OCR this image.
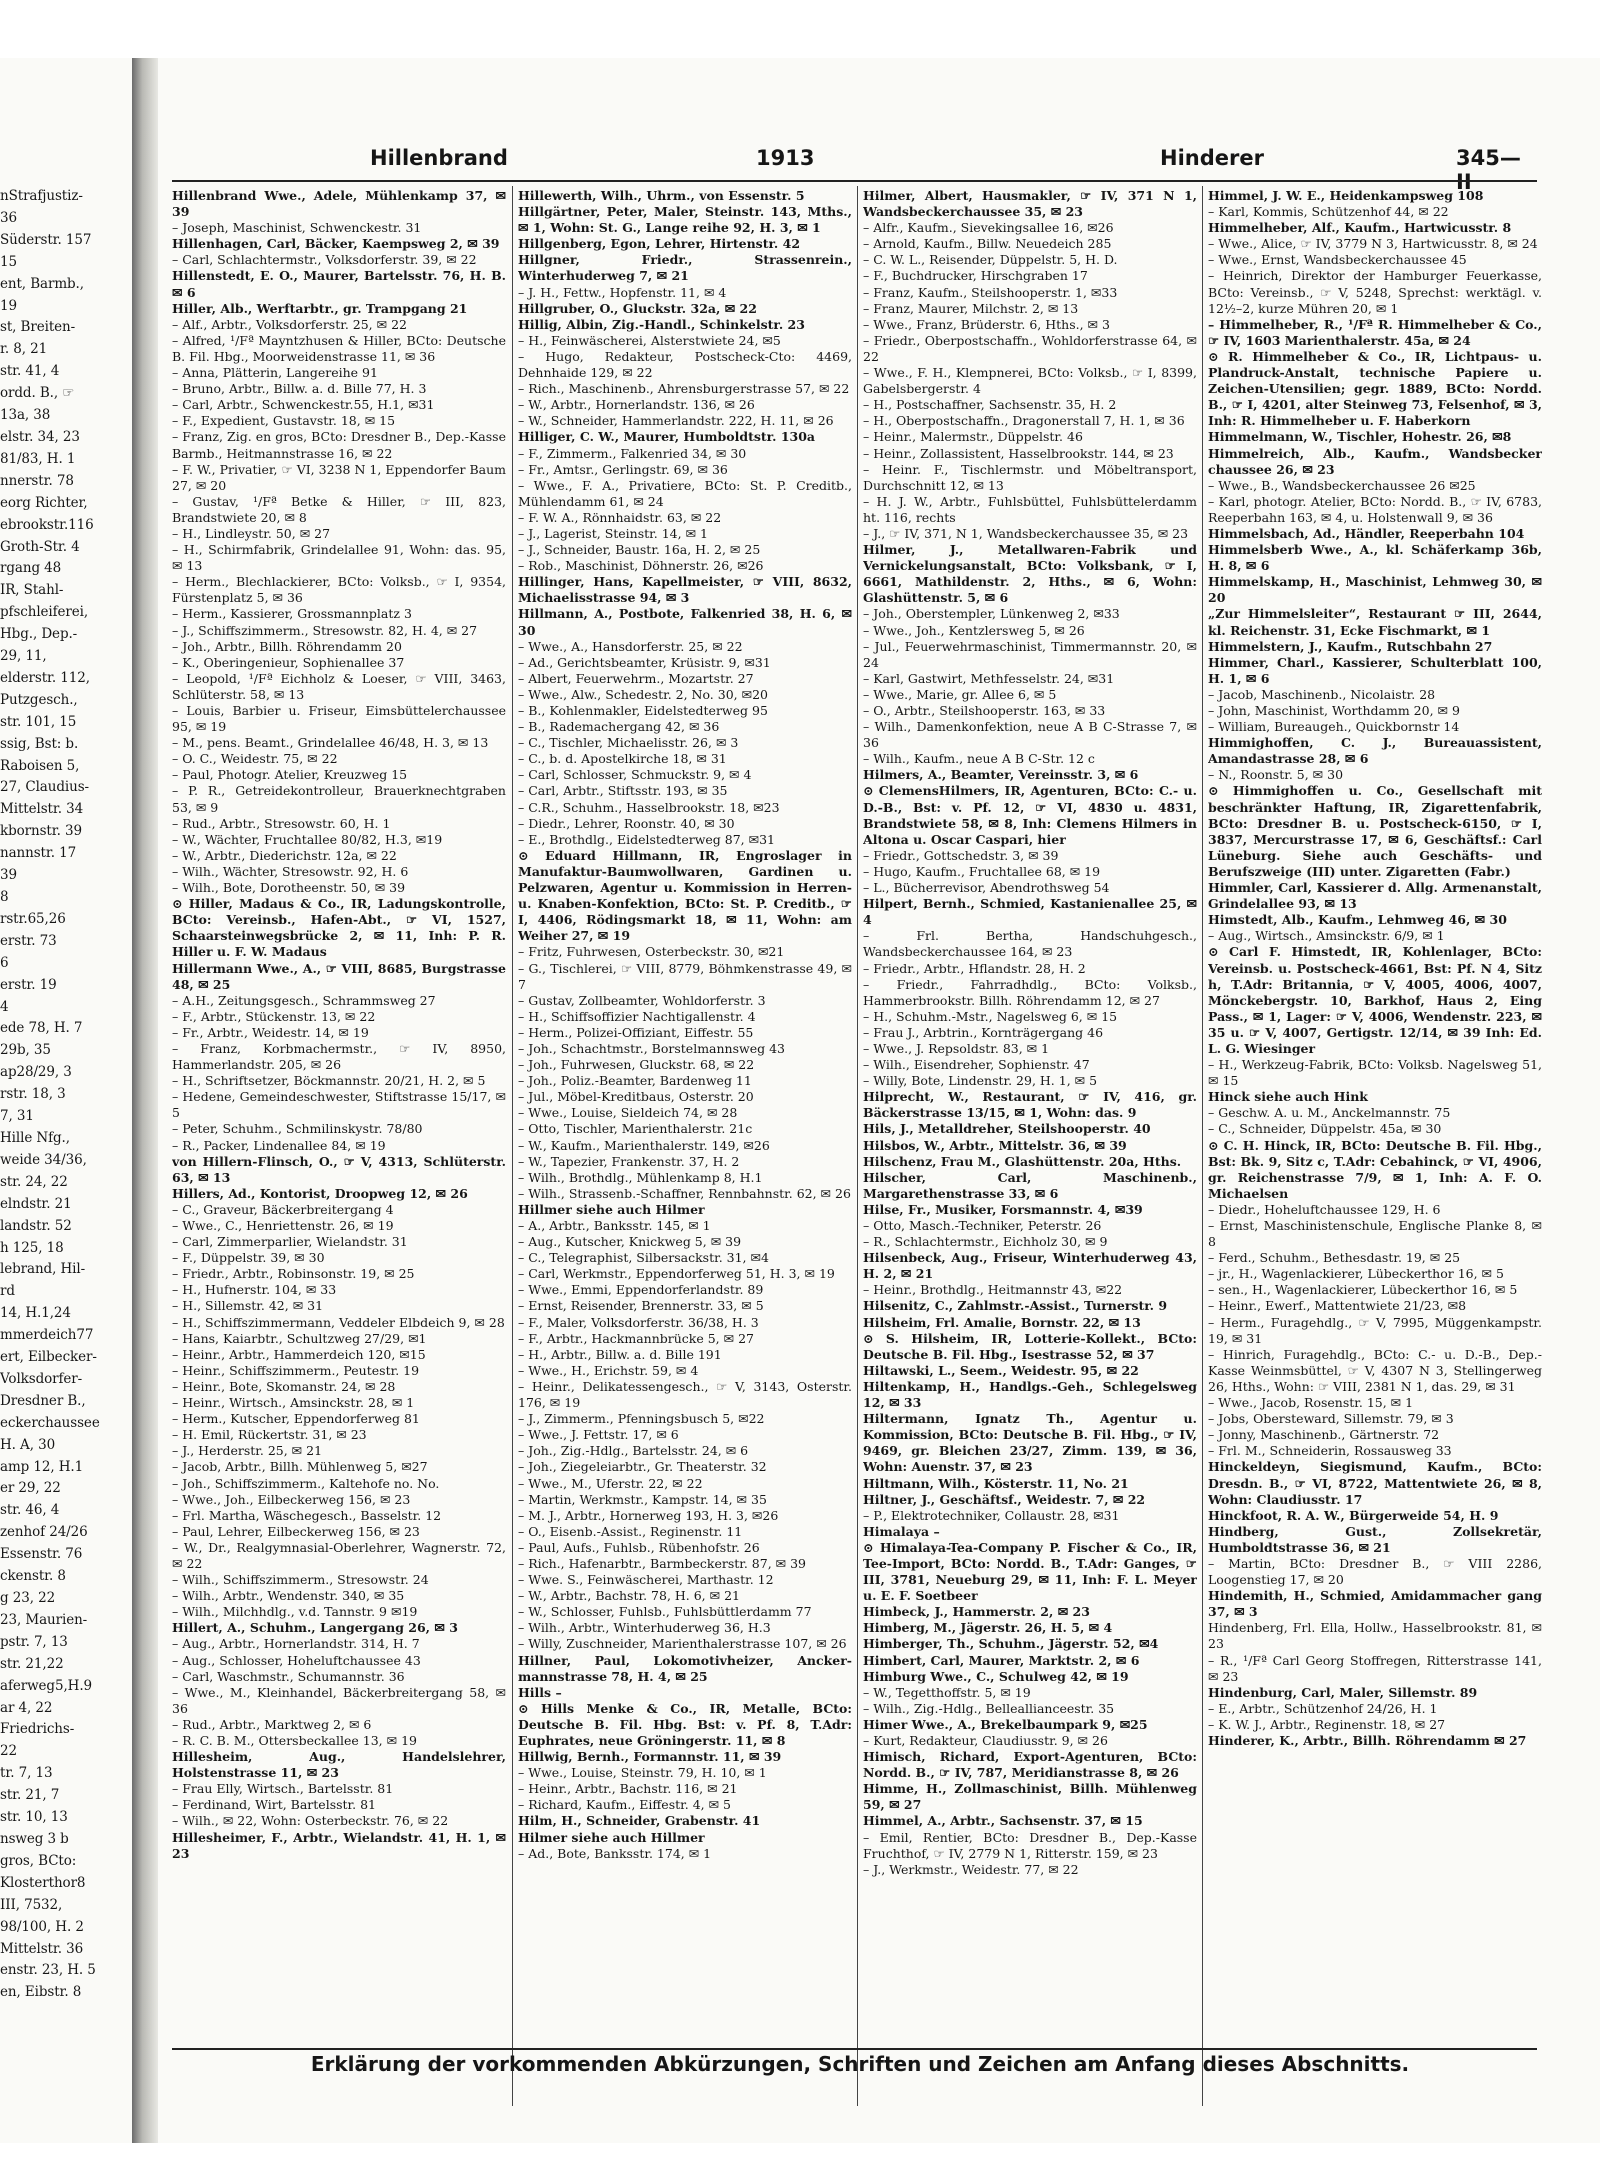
nStrafjustiz-
36
Süderstr. 157
15
ent, Barmb.,
19
st, Breiten-
r. 8, 21
str. 41, 4
ordd. B., ☞
13a, 38
elstr. 34, 23
81/83, H. 1
nnerstr. 78
eorg Richter,
ebrookstr.116
Groth-Str. 4
rgang 48
IR, Stahl-
pfschleiferei,
Hbg., Dep.-
29, 11,
elderstr. 112,
Putzgesch.,
str. 101, 15
ssig, Bst: b.
Raboisen 5,
27, Claudius-
Mittelstr. 34
kbornstr. 39
nannstr. 17
39
8
rstr.65,26
erstr. 73
6
erstr. 19
4
ede 78, H. 7
29b, 35
ap28/29, 3
rstr. 18, 3
7, 31
Hille Nfg.,
weide 34/36,
str. 24, 22
elndstr. 21
landstr. 52
h 125, 18
lebrand, Hil-
rd
14, H.1,24
mmerdeich77
ert, Eilbecker-
Volksdorfer-
Dresdner B.,
eckerchaussee
H. A, 30
amp 12, H.1
er 29, 22
str. 46, 4
zenhof 24/26
Essenstr. 76
ckenstr. 8
g 23, 22
23, Maurien-
pstr. 7, 13
str. 21,22
aferweg5,H.9
ar 4, 22
Friedrichs-
22
tr. 7, 13
str. 21, 7
str. 10, 13
nsweg 3 b
gros, BCto:
Klosterthor8
III, 7532,
98/100, H. 2
Mittelstr. 36
enstr. 23, H. 5
en, Eibstr. 8
Hillenbrand	1913	Hinderer	345—II
Hillenbrand Wwe., Adele, Mühlenkamp 37, ✉ 39
– Joseph, Maschinist, Schwenckestr. 31
Hillenhagen, Carl, Bäcker, Kaempsweg 2, ✉ 39
– Carl, Schlachtermstr., Volksdorferstr. 39, ✉ 22
Hillenstedt, E. O., Maurer, Bartelsstr. 76, H. B. ✉ 6
Hiller, Alb., Werftarbtr., gr. Trampgang 21
– Alf., Arbtr., Volksdorferstr. 25, ✉ 22
– Alfred, ¹/Fª Mayntzhusen & Hiller, BCto: Deutsche B. Fil. Hbg., Moorweidenstrasse 11, ✉ 36
– Anna, Plätterin, Langereihe 91
– Bruno, Arbtr., Billw. a. d. Bille 77, H. 3
– Carl, Arbtr., Schwenckestr.55, H.1, ✉31
– F., Expedient, Gustavstr. 18, ✉ 15
– Franz, Zig. en gros, BCto: Dresdner B., Dep.-Kasse Barmb., Heitmannstrasse 16, ✉ 22
– F. W., Privatier, ☞ VI, 3238 N 1, Eppendorfer Baum 27, ✉ 20
– Gustav, ¹/Fª Betke & Hiller, ☞ III, 823, Brandstwiete 20, ✉ 8
– H., Lindleystr. 50, ✉ 27
– H., Schirmfabrik, Grindelallee 91, Wohn: das. 95, ✉ 13
– Herm., Blechlackierer, BCto: Volksb., ☞ I, 9354, Fürstenplatz 5, ✉ 36
– Herm., Kassierer, Grossmannplatz 3
– J., Schiffszimmerm., Stresowstr. 82, H. 4, ✉ 27
– Joh., Arbtr., Billh. Röhrendamm 20
– K., Oberingenieur, Sophienallee 37
– Leopold, ¹/Fª Eichholz & Loeser, ☞ VIII, 3463, Schlüterstr. 58, ✉ 13
– Louis, Barbier u. Friseur, Eimsbüttelerchaussee 95, ✉ 19
– M., pens. Beamt., Grindelallee 46/48, H. 3, ✉ 13
– O. C., Weidestr. 75, ✉ 22
– Paul, Photogr. Atelier, Kreuzweg 15
– P. R., Getreidekontrolleur, Brauerknechtgraben 53, ✉ 9
– Rud., Arbtr., Stresowstr. 60, H. 1
– W., Wächter, Fruchtallee 80/82, H.3, ✉19
– W., Arbtr., Diederichstr. 12a, ✉ 22
– Wilh., Wächter, Stresowstr. 92, H. 6
– Wilh., Bote, Dorotheenstr. 50, ✉ 39
⊙ Hiller, Madaus & Co., IR, Ladungskontrolle, BCto: Vereinsb., Hafen-Abt., ☞ VI, 1527, Schaarsteinwegsbrücke 2, ✉ 11, Inh: P. R. Hiller u. F. W. Madaus
Hillermann Wwe., A., ☞ VIII, 8685, Burgstrasse 48, ✉ 25
– A.H., Zeitungsgesch., Schrammsweg 27
– F., Arbtr., Stückenstr. 13, ✉ 22
– Fr., Arbtr., Weidestr. 14, ✉ 19
– Franz, Korbmachermstr., ☞ IV, 8950, Hammerlandstr. 205, ✉ 26
– H., Schriftsetzer, Böckmannstr. 20/21, H. 2, ✉ 5
– Hedene, Gemeindeschwester, Stiftstrasse 15/17, ✉ 5
– Peter, Schuhm., Schmilinskystr. 78/80
– R., Packer, Lindenallee 84, ✉ 19
von Hillern-Flinsch, O., ☞ V, 4313, Schlüterstr. 63, ✉ 13
Hillers, Ad., Kontorist, Droopweg 12, ✉ 26
– C., Graveur, Bäckerbreitergang 4
– Wwe., C., Henriettenstr. 26, ✉ 19
– Carl, Zimmerparlier, Wielandstr. 31
– F., Düppelstr. 39, ✉ 30
– Friedr., Arbtr., Robinsonstr. 19, ✉ 25
– H., Hufnerstr. 104, ✉ 33
– H., Sillemstr. 42, ✉ 31
– H., Schiffszimmermann, Veddeler Elbdeich 9, ✉ 28
– Hans, Kaiarbtr., Schultzweg 27/29, ✉1
– Heinr., Arbtr., Hammerdeich 120, ✉15
– Heinr., Schiffszimmerm., Peutestr. 19
– Heinr., Bote, Skomanstr. 24, ✉ 28
– Heinr., Wirtsch., Amsinckstr. 28, ✉ 1
– Herm., Kutscher, Eppendorferweg 81
– H. Emil, Rückertstr. 31, ✉ 23
– J., Herderstr. 25, ✉ 21
– Jacob, Arbtr., Billh. Mühlenweg 5, ✉27
– Joh., Schiffszimmerm., Kaltehofe no. No.
– Wwe., Joh., Eilbeckerweg 156, ✉ 23
– Frl. Martha, Wäschegesch., Basselstr. 12
– Paul, Lehrer, Eilbeckerweg 156, ✉ 23
– W., Dr., Realgymnasial-Oberlehrer, Wagnerstr. 72, ✉ 22
– Wilh., Schiffszimmerm., Stresowstr. 24
– Wilh., Arbtr., Wendenstr. 340, ✉ 35
– Wilh., Milchhdlg., v.d. Tannstr. 9 ✉19
Hillert, A., Schuhm., Langergang 26, ✉ 3
– Aug., Arbtr., Hornerlandstr. 314, H. 7
– Aug., Schlosser, Hoheluftchaussee 43
– Carl, Waschmstr., Schumannstr. 36
– Wwe., M., Kleinhandel, Bäckerbreitergang 58, ✉ 36
– Rud., Arbtr., Marktweg 2, ✉ 6
– R. C. B. M., Ottersbeckallee 13, ✉ 19
Hillesheim, Aug., Handelslehrer, Holstenstrasse 11, ✉ 23
– Frau Elly, Wirtsch., Bartelsstr. 81
– Ferdinand, Wirt, Bartelsstr. 81
– Wilh., ✉ 22, Wohn: Osterbeckstr. 76, ✉ 22
Hillesheimer, F., Arbtr., Wielandstr. 41, H. 1, ✉ 23
Hillewerth, Wilh., Uhrm., von Essenstr. 5
Hillgärtner, Peter, Maler, Steinstr. 143, Mths., ✉ 1, Wohn: St. G., Lange reihe 92, H. 3, ✉ 1
Hillgenberg, Egon, Lehrer, Hirtenstr. 42
Hillgner, Friedr., Strassenrein., Winterhuderweg 7, ✉ 21
– J. H., Fettw., Hopfenstr. 11, ✉ 4
Hillgruber, O., Gluckstr. 32a, ✉ 22
Hillig, Albin, Zig.-Handl., Schinkelstr. 23
– H., Feinwäscherei, Alsterstwiete 24, ✉5
– Hugo, Redakteur, Postscheck-Cto: 4469, Dehnhaide 129, ✉ 22
– Rich., Maschinenb., Ahrensburgerstrasse 57, ✉ 22
– W., Arbtr., Hornerlandstr. 136, ✉ 26
– W., Schneider, Hammerlandstr. 222, H. 11, ✉ 26
Hilliger, C. W., Maurer, Humboldtstr. 130a
– F., Zimmerm., Falkenried 34, ✉ 30
– Fr., Amtsr., Gerlingstr. 69, ✉ 36
– Wwe., F. A., Privatiere, BCto: St. P. Creditb., Mühlendamm 61, ✉ 24
– F. W. A., Rönnhaidstr. 63, ✉ 22
– J., Lagerist, Steinstr. 14, ✉ 1
– J., Schneider, Baustr. 16a, H. 2, ✉ 25
– Rob., Maschinist, Döhnerstr. 26, ✉26
Hillinger, Hans, Kapellmeister, ☞ VIII, 8632, Michaelisstrasse 94, ✉ 3
Hillmann, A., Postbote, Falkenried 38, H. 6, ✉ 30
– Wwe., A., Hansdorferstr. 25, ✉ 22
– Ad., Gerichtsbeamter, Krüsistr. 9, ✉31
– Albert, Feuerwehrm., Mozartstr. 27
– Wwe., Alw., Schedestr. 2, No. 30, ✉20
– B., Kohlenmakler, Eidelstedterweg 95
– B., Rademachergang 42, ✉ 36
– C., Tischler, Michaelisstr. 26, ✉ 3
– C., b. d. Apostelkirche 18, ✉ 31
– Carl, Schlosser, Schmuckstr. 9, ✉ 4
– Carl, Arbtr., Stiftsstr. 193, ✉ 35
– C.R., Schuhm., Hasselbrookstr. 18, ✉23
– Diedr., Lehrer, Roonstr. 40, ✉ 30
– E., Brothdlg., Eidelstedterweg 87, ✉31
⊙ Eduard Hillmann, IR, Engroslager in Manufaktur-Baumwollwaren, Gardinen u. Pelzwaren, Agentur u. Kommission in Herren- u. Knaben-Konfektion, BCto: St. P. Creditb., ☞ I, 4406, Rödingsmarkt 18, ✉ 11, Wohn: am Weiher 27, ✉ 19
– Fritz, Fuhrwesen, Osterbeckstr. 30, ✉21
– G., Tischlerei, ☞ VIII, 8779, Böhmkenstrasse 49, ✉ 7
– Gustav, Zollbeamter, Wohldorferstr. 3
– H., Schiffsoffizier Nachtigallenstr. 4
– Herm., Polizei-Offiziant, Eiffestr. 55
– Joh., Schachtmstr., Borstelmannsweg 43
– Joh., Fuhrwesen, Gluckstr. 68, ✉ 22
– Joh., Poliz.-Beamter, Bardenweg 11
– Jul., Möbel-Kreditbaus, Osterstr. 20
– Wwe., Louise, Sieldeich 74, ✉ 28
– Otto, Tischler, Marienthalerstr. 21c
– W., Kaufm., Marienthalerstr. 149, ✉26
– W., Tapezier, Frankenstr. 37, H. 2
– Wilh., Brothdlg., Mühlenkamp 8, H.1
– Wilh., Strassenb.-Schaffner, Rennbahnstr. 62, ✉ 26
Hillmer siehe auch Hilmer
– A., Arbtr., Banksstr. 145, ✉ 1
– Aug., Kutscher, Knickweg 5, ✉ 39
– C., Telegraphist, Silbersackstr. 31, ✉4
– Carl, Werkmstr., Eppendorferweg 51, H. 3, ✉ 19
– Wwe., Emmi, Eppendorferlandstr. 89
– Ernst, Reisender, Brennerstr. 33, ✉ 5
– F., Maler, Volksdorferstr. 36/38, H. 3
– F., Arbtr., Hackmannbrücke 5, ✉ 27
– H., Arbtr., Billw. a. d. Bille 191
– Wwe., H., Erichstr. 59, ✉ 4
– Heinr., Delikatessengesch., ☞ V, 3143, Osterstr. 176, ✉ 19
– J., Zimmerm., Pfenningsbusch 5, ✉22
– Wwe., J. Fettstr. 17, ✉ 6
– Joh., Zig.-Hdlg., Bartelsstr. 24, ✉ 6
– Joh., Ziegeleiarbtr., Gr. Theaterstr. 32
– Wwe., M., Uferstr. 22, ✉ 22
– Martin, Werkmstr., Kampstr. 14, ✉ 35
– M. J., Arbtr., Hornerweg 193, H. 3, ✉26
– O., Eisenb.-Assist., Reginenstr. 11
– Paul, Aufs., Fuhlsb., Rübenhofstr. 26
– Rich., Hafenarbtr., Barmbeckerstr. 87, ✉ 39
– Wwe. S., Feinwäscherei, Marthastr. 12
– W., Arbtr., Bachstr. 78, H. 6, ✉ 21
– W., Schlosser, Fuhlsb., Fuhlsbüttlerdamm 77
– Wilh., Arbtr., Winterhuderweg 36, H.3
– Willy, Zuschneider, Marienthalerstrasse 107, ✉ 26
Hillner, Paul, Lokomotivheizer, Anckermannstrasse 78, H. 4, ✉ 25
Hills –
⊙ Hills Menke & Co., IR, Metalle, BCto: Deutsche B. Fil. Hbg. Bst: v. Pf. 8, T.Adr: Euphrates, neue Gröningerstr. 11, ✉ 8
Hillwig, Bernh., Formannstr. 11, ✉ 39
– Wwe., Louise, Steinstr. 79, H. 10, ✉ 1
– Heinr., Arbtr., Bachstr. 116, ✉ 21
– Richard, Kaufm., Eiffestr. 4, ✉ 5
Hilm, H., Schneider, Grabenstr. 41
Hilmer siehe auch Hillmer
– Ad., Bote, Banksstr. 174, ✉ 1
Hilmer, Albert, Hausmakler, ☞ IV, 371 N 1, Wandsbeckerchaussee 35, ✉ 23
– Alfr., Kaufm., Sievekingsallee 16, ✉26
– Arnold, Kaufm., Billw. Neuedeich 285
– C. W. L., Reisender, Düppelstr. 5, H. D.
– F., Buchdrucker, Hirschgraben 17
– Franz, Kaufm., Steilshooperstr. 1, ✉33
– Franz, Maurer, Milchstr. 2, ✉ 13
– Wwe., Franz, Brüderstr. 6, Hths., ✉ 3
– Friedr., Oberpostschaffn., Wohldorferstrasse 64, ✉ 22
– Wwe., F. H., Klempnerei, BCto: Volksb., ☞ I, 8399, Gabelsbergerstr. 4
– H., Postschaffner, Sachsenstr. 35, H. 2
– H., Oberpostschaffn., Dragonerstall 7, H. 1, ✉ 36
– Heinr., Malermstr., Düppelstr. 46
– Heinr., Zollassistent, Hasselbrookstr. 144, ✉ 23
– Heinr. F., Tischlermstr. und Möbeltransport, Durchschnitt 12, ✉ 13
– H. J. W., Arbtr., Fuhlsbüttel, Fuhlsbüttelerdamm ht. 116, rechts
– J., ☞ IV, 371, N 1, Wandsbeckerchaussee 35, ✉ 23
Hilmer, J., Metallwaren-Fabrik und Vernickelungsanstalt, BCto: Volksbank, ☞ I, 6661, Mathildenstr. 2, Hths., ✉ 6, Wohn: Glashüttenstr. 5, ✉ 6
– Joh., Oberstempler, Lünkenweg 2, ✉33
– Wwe., Joh., Kentzlersweg 5, ✉ 26
– Jul., Feuerwehrmaschinist, Timmermannstr. 20, ✉ 24
– Karl, Gastwirt, Methfesselstr. 24, ✉31
– Wwe., Marie, gr. Allee 6, ✉ 5
– O., Arbtr., Steilshooperstr. 163, ✉ 33
– Wilh., Damenkonfektion, neue A B C-Strasse 7, ✉ 36
– Wilh., Kaufm., neue A B C-Str. 12 c
Hilmers, A., Beamter, Vereinsstr. 3, ✉ 6
⊙ ClemensHilmers, IR, Agenturen, BCto: C.- u. D.-B., Bst: v. Pf. 12, ☞ VI, 4830 u. 4831, Brandstwiete 58, ✉ 8, Inh: Clemens Hilmers in Altona u. Oscar Caspari, hier
– Friedr., Gottschedstr. 3, ✉ 39
– Hugo, Kaufm., Fruchtallee 68, ✉ 19
– L., Bücherrevisor, Abendrothsweg 54
Hilpert, Bernh., Schmied, Kastanienallee 25, ✉ 4
– Frl. Bertha, Handschuhgesch., Wandsbeckerchaussee 164, ✉ 23
– Friedr., Arbtr., Hflandstr. 28, H. 2
– Friedr., Fahrradhdlg., BCto: Volksb., Hammerbrookstr. Billh. Röhrendamm 12, ✉ 27
– H., Schuhm.-Mstr., Nagelsweg 6, ✉ 15
– Frau J., Arbtrin., Kornträgergang 46
– Wwe., J. Repsoldstr. 83, ✉ 1
– Wilh., Eisendreher, Sophienstr. 47
– Willy, Bote, Lindenstr. 29, H. 1, ✉ 5
Hilprecht, W., Restaurant, ☞ IV, 416, gr. Bäckerstrasse 13/15, ✉ 1, Wohn: das. 9
Hils, J., Metalldreher, Steilshooperstr. 40
Hilsbos, W., Arbtr., Mittelstr. 36, ✉ 39
Hilschenz, Frau M., Glashüttenstr. 20a, Hths.
Hilscher, Carl, Maschinenb., Margarethenstrasse 33, ✉ 6
Hilse, Fr., Musiker, Forsmannstr. 4, ✉39
– Otto, Masch.-Techniker, Peterstr. 26
– R., Schlachtermstr., Eichholz 30, ✉ 9
Hilsenbeck, Aug., Friseur, Winterhuderweg 43, H. 2, ✉ 21
– Heinr., Brothdlg., Heitmannstr 43, ✉22
Hilsenitz, C., Zahlmstr.-Assist., Turnerstr. 9
Hilsheim, Frl. Amalie, Bornstr. 22, ✉ 13
⊙ S. Hilsheim, IR, Lotterie-Kollekt., BCto: Deutsche B. Fil. Hbg., Isestrasse 52, ✉ 37
Hiltawski, L., Seem., Weidestr. 95, ✉ 22
Hiltenkamp, H., Handlgs.-Geh., Schlegelsweg 12, ✉ 33
Hiltermann, Ignatz Th., Agentur u. Kommission, BCto: Deutsche B. Fil. Hbg., ☞ IV, 9469, gr. Bleichen 23/27, Zimm. 139, ✉ 36, Wohn: Auenstr. 37, ✉ 23
Hiltmann, Wilh., Kösterstr. 11, No. 21
Hiltner, J., Geschäftsf., Weidestr. 7, ✉ 22
– P., Elektrotechniker, Collaustr. 28, ✉31
Himalaya –
⊙ Himalaya-Tea-Company P. Fischer & Co., IR, Tee-Import, BCto: Nordd. B., T.Adr: Ganges, ☞ III, 3781, Neueburg 29, ✉ 11, Inh: F. L. Meyer u. E. F. Soetbeer
Himbeck, J., Hammerstr. 2, ✉ 23
Himberg, M., Jägerstr. 26, H. 5, ✉ 4
Himberger, Th., Schuhm., Jägerstr. 52, ✉4
Himbert, Carl, Maurer, Marktstr. 2, ✉ 6
Himburg Wwe., C., Schulweg 42, ✉ 19
– W., Tegetthoffstr. 5, ✉ 19
– Wilh., Zig.-Hdlg., Belleallianceestr. 35
Himer Wwe., A., Brekelbaumpark 9, ✉25
– Kurt, Redakteur, Claudiusstr. 9, ✉ 26
Himisch, Richard, Export-Agenturen, BCto: Nordd. B., ☞ IV, 787, Meridianstrasse 8, ✉ 26
Himme, H., Zollmaschinist, Billh. Mühlenweg 59, ✉ 27
Himmel, A., Arbtr., Sachsenstr. 37, ✉ 15
– Emil, Rentier, BCto: Dresdner B., Dep.-Kasse Fruchthof, ☞ IV, 2779 N 1, Ritterstr. 159, ✉ 23
– J., Werkmstr., Weidestr. 77, ✉ 22
Himmel, J. W. E., Heidenkampsweg 108
– Karl, Kommis, Schützenhof 44, ✉ 22
Himmelheber, Alf., Kaufm., Hartwicusstr. 8
– Wwe., Alice, ☞ IV, 3779 N 3, Hartwicusstr. 8, ✉ 24
– Wwe., Ernst, Wandsbeckerchaussee 45
– Heinrich, Direktor der Hamburger Feuerkasse, BCto: Vereinsb., ☞ V, 5248, Sprechst: werktägl. v. 12½–2, kurze Mühren 20, ✉ 1
– Himmelheber, R., ¹/Fª R. Himmelheber & Co., ☞ IV, 1603 Marienthalerstr. 45a, ✉ 24
⊙ R. Himmelheber & Co., IR, Lichtpaus- u. Plandruck-Anstalt, technische Papiere u. Zeichen-Utensilien; gegr. 1889, BCto: Nordd. B., ☞ I, 4201, alter Steinweg 73, Felsenhof, ✉ 3, Inh: R. Himmelheber u. F. Haberkorn
Himmelmann, W., Tischler, Hohestr. 26, ✉8
Himmelreich, Alb., Kaufm., Wandsbecker chaussee 26, ✉ 23
– Wwe., B., Wandsbeckerchaussee 26 ✉25
– Karl, photogr. Atelier, BCto: Nordd. B., ☞ IV, 6783, Reeperbahn 163, ✉ 4, u. Holstenwall 9, ✉ 36
Himmelsbach, Ad., Händler, Reeperbahn 104
Himmelsberb Wwe., A., kl. Schäferkamp 36b, H. 8, ✉ 6
Himmelskamp, H., Maschinist, Lehmweg 30, ✉ 20
„Zur Himmelsleiter“, Restaurant ☞ III, 2644, kl. Reichenstr. 31, Ecke Fischmarkt, ✉ 1
Himmelstern, J., Kaufm., Rutschbahn 27
Himmer, Charl., Kassierer, Schulterblatt 100, H. 1, ✉ 6
– Jacob, Maschinenb., Nicolaistr. 28
– John, Maschinist, Worthdamm 20, ✉ 9
– William, Bureaugeh., Quickbornstr 14
Himmighoffen, C. J., Bureauassistent, Amandastrasse 28, ✉ 6
– N., Roonstr. 5, ✉ 30
⊙ Himmighoffen u. Co., Gesellschaft mit beschränkter Haftung, IR, Zigarettenfabrik, BCto: Dresdner B. u. Postscheck-6150, ☞ I, 3837, Mercurstrasse 17, ✉ 6, Geschäftsf.: Carl Lüneburg. Siehe auch Geschäfts- und Berufszweige (III) unter. Zigaretten (Fabr.)
Himmler, Carl, Kassierer d. Allg. Armenanstalt, Grindelallee 93, ✉ 13
Himstedt, Alb., Kaufm., Lehmweg 46, ✉ 30
– Aug., Wirtsch., Amsinckstr. 6/9, ✉ 1
⊙ Carl F. Himstedt, IR, Kohlenlager, BCto: Vereinsb. u. Postscheck-4661, Bst: Pf. N 4, Sitz h, T.Adr: Britannia, ☞ V, 4005, 4006, 4007, Mönckebergstr. 10, Barkhof, Haus 2, Eing Pass., ✉ 1, Lager: ☞ V, 4006, Wendenstr. 223, ✉ 35 u. ☞ V, 4007, Gertigstr. 12/14, ✉ 39 Inh: Ed. L. G. Wiesinger
– H., Werkzeug-Fabrik, BCto: Volksb. Nagelsweg 51, ✉ 15
Hinck siehe auch Hink
– Geschw. A. u. M., Anckelmannstr. 75
– C., Schneider, Düppelstr. 45a, ✉ 30
⊙ C. H. Hinck, IR, BCto: Deutsche B. Fil. Hbg., Bst: Bk. 9, Sitz c, T.Adr: Cebahinck, ☞ VI, 4906, gr. Reichenstrasse 7/9, ✉ 1, Inh: A. F. O. Michaelsen
– Diedr., Hoheluftchaussee 129, H. 6
– Ernst, Maschinistenschule, Englische Planke 8, ✉ 8
– Ferd., Schuhm., Bethesdastr. 19, ✉ 25
– jr., H., Wagenlackierer, Lübeckerthor 16, ✉ 5
– sen., H., Wagenlackierer, Lübeckerthor 16, ✉ 5
– Heinr., Ewerf., Mattentwiete 21/23, ✉8
– Herm., Furagehdlg., ☞ V, 7995, Müggenkampstr. 19, ✉ 31
– Hinrich, Furagehdlg., BCto: C.- u. D.-B., Dep.-Kasse Weinmsbüttel, ☞ V, 4307 N 3, Stellingerweg 26, Hths., Wohn: ☞ VIII, 2381 N 1, das. 29, ✉ 31
– Wwe., Jacob, Rosenstr. 15, ✉ 1
– Jobs, Obersteward, Sillemstr. 79, ✉ 3
– Jonny, Maschinenb., Gärtnerstr. 72
– Frl. M., Schneiderin, Rossausweg 33
Hinckeldeyn, Siegismund, Kaufm., BCto: Dresdn. B., ☞ VI, 8722, Mattentwiete 26, ✉ 8, Wohn: Claudiusstr. 17
Hinckfoot, R. A. W., Bürgerweide 54, H. 9
Hindberg, Gust., Zollsekretär, Humboldtstrasse 36, ✉ 21
– Martin, BCto: Dresdner B., ☞ VIII 2286, Loogenstieg 17, ✉ 20
Hindemith, H., Schmied, Amidammacher gang 37, ✉ 3
Hindenberg, Frl. Ella, Hollw., Hasselbrookstr. 81, ✉ 23
– R., ¹/Fª Carl Georg Stoffregen, Ritterstrasse 141, ✉ 23
Hindenburg, Carl, Maler, Sillemstr. 89
– E., Arbtr., Schützenhof 24/26, H. 1
– K. W. J., Arbtr., Reginenstr. 18, ✉ 27
Hinderer, K., Arbtr., Billh. Röhrendamm ✉ 27
Erklärung der vorkommenden Abkürzungen, Schriften und Zeichen am Anfang dieses Abschnitts.
